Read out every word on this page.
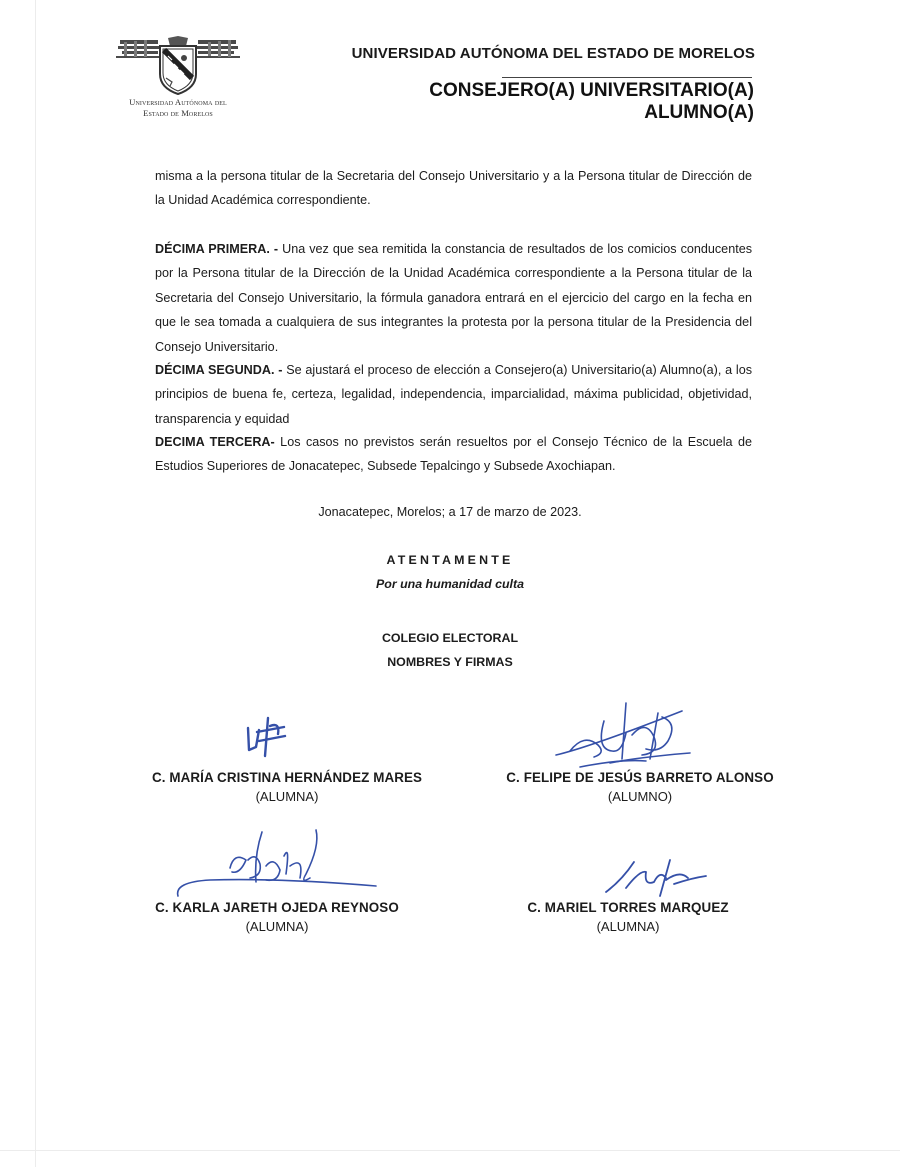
Universidad Autónoma del
Estado de Morelos
UNIVERSIDAD AUTÓNOMA DEL ESTADO DE MORELOS
CONSEJERO(A) UNIVERSITARIO(A)
ALUMNO(A)
misma a la persona titular de la Secretaria del Consejo Universitario y a la Persona titular de Dirección de la Unidad Académica correspondiente.
DÉCIMA PRIMERA. - Una vez que sea remitida la constancia de resultados de los comicios conducentes por la Persona titular de la Dirección de la Unidad Académica correspondiente a la Persona titular de la Secretaria del Consejo Universitario, la fórmula ganadora entrará en el ejercicio del cargo en la fecha en que le sea tomada a cualquiera de sus integrantes la protesta por la persona titular de la Presidencia del Consejo Universitario.
DÉCIMA SEGUNDA. - Se ajustará el proceso de elección a Consejero(a) Universitario(a) Alumno(a), a los principios de buena fe, certeza, legalidad, independencia, imparcialidad, máxima publicidad, objetividad, transparencia y equidad
DECIMA TERCERA- Los casos no previstos serán resueltos por el Consejo Técnico de la Escuela de Estudios Superiores de Jonacatepec, Subsede Tepalcingo y Subsede Axochiapan.
Jonacatepec, Morelos; a 17 de marzo de 2023.
ATENTAMENTE
Por una humanidad culta
COLEGIO ELECTORAL
NOMBRES Y FIRMAS
C. MARÍA CRISTINA HERNÁNDEZ MARES
(ALUMNA)
C. FELIPE DE JESÚS BARRETO ALONSO
(ALUMNO)
C. KARLA JARETH OJEDA REYNOSO
(ALUMNA)
C. MARIEL TORRES MARQUEZ
(ALUMNA)
